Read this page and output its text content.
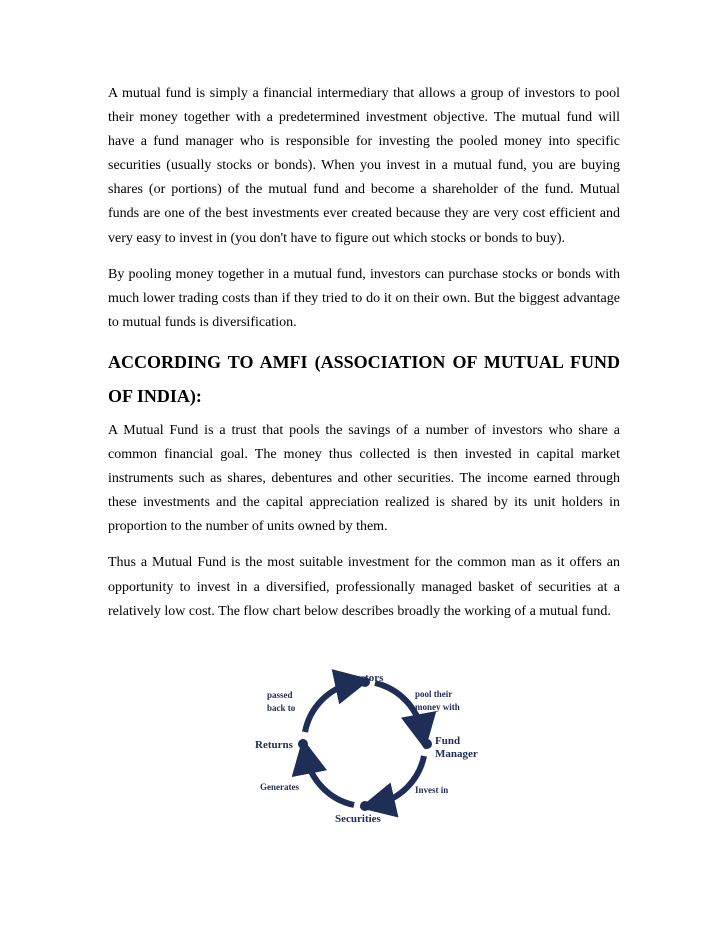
A mutual fund is simply a financial intermediary that allows a group of investors to pool their money together with a predetermined investment objective. The mutual fund will have a fund manager who is responsible for investing the pooled money into specific securities (usually stocks or bonds). When you invest in a mutual fund, you are buying shares (or portions) of the mutual fund and become a shareholder of the fund. Mutual funds are one of the best investments ever created because they are very cost efficient and very easy to invest in (you don't have to figure out which stocks or bonds to buy).

By pooling money together in a mutual fund, investors can purchase stocks or bonds with much lower trading costs than if they tried to do it on their own. But the biggest advantage to mutual funds is diversification.

ACCORDING TO AMFI (ASSOCIATION OF MUTUAL FUND OF INDIA):

A Mutual Fund is a trust that pools the savings of a number of investors who share a common financial goal. The money thus collected is then invested in capital market instruments such as shares, debentures and other securities. The income earned through these investments and the capital appreciation realized is shared by its unit holders in proportion to the number of units owned by them.

Thus a Mutual Fund is the most suitable investment for the common man as it offers an opportunity to invest in a diversified, professionally managed basket of securities at a relatively low cost. The flow chart below describes broadly the working of a mutual fund.

Investors
Fund
Manager
Securities
Returns
pool their
money with
Invest in
Generates
passed
back to
